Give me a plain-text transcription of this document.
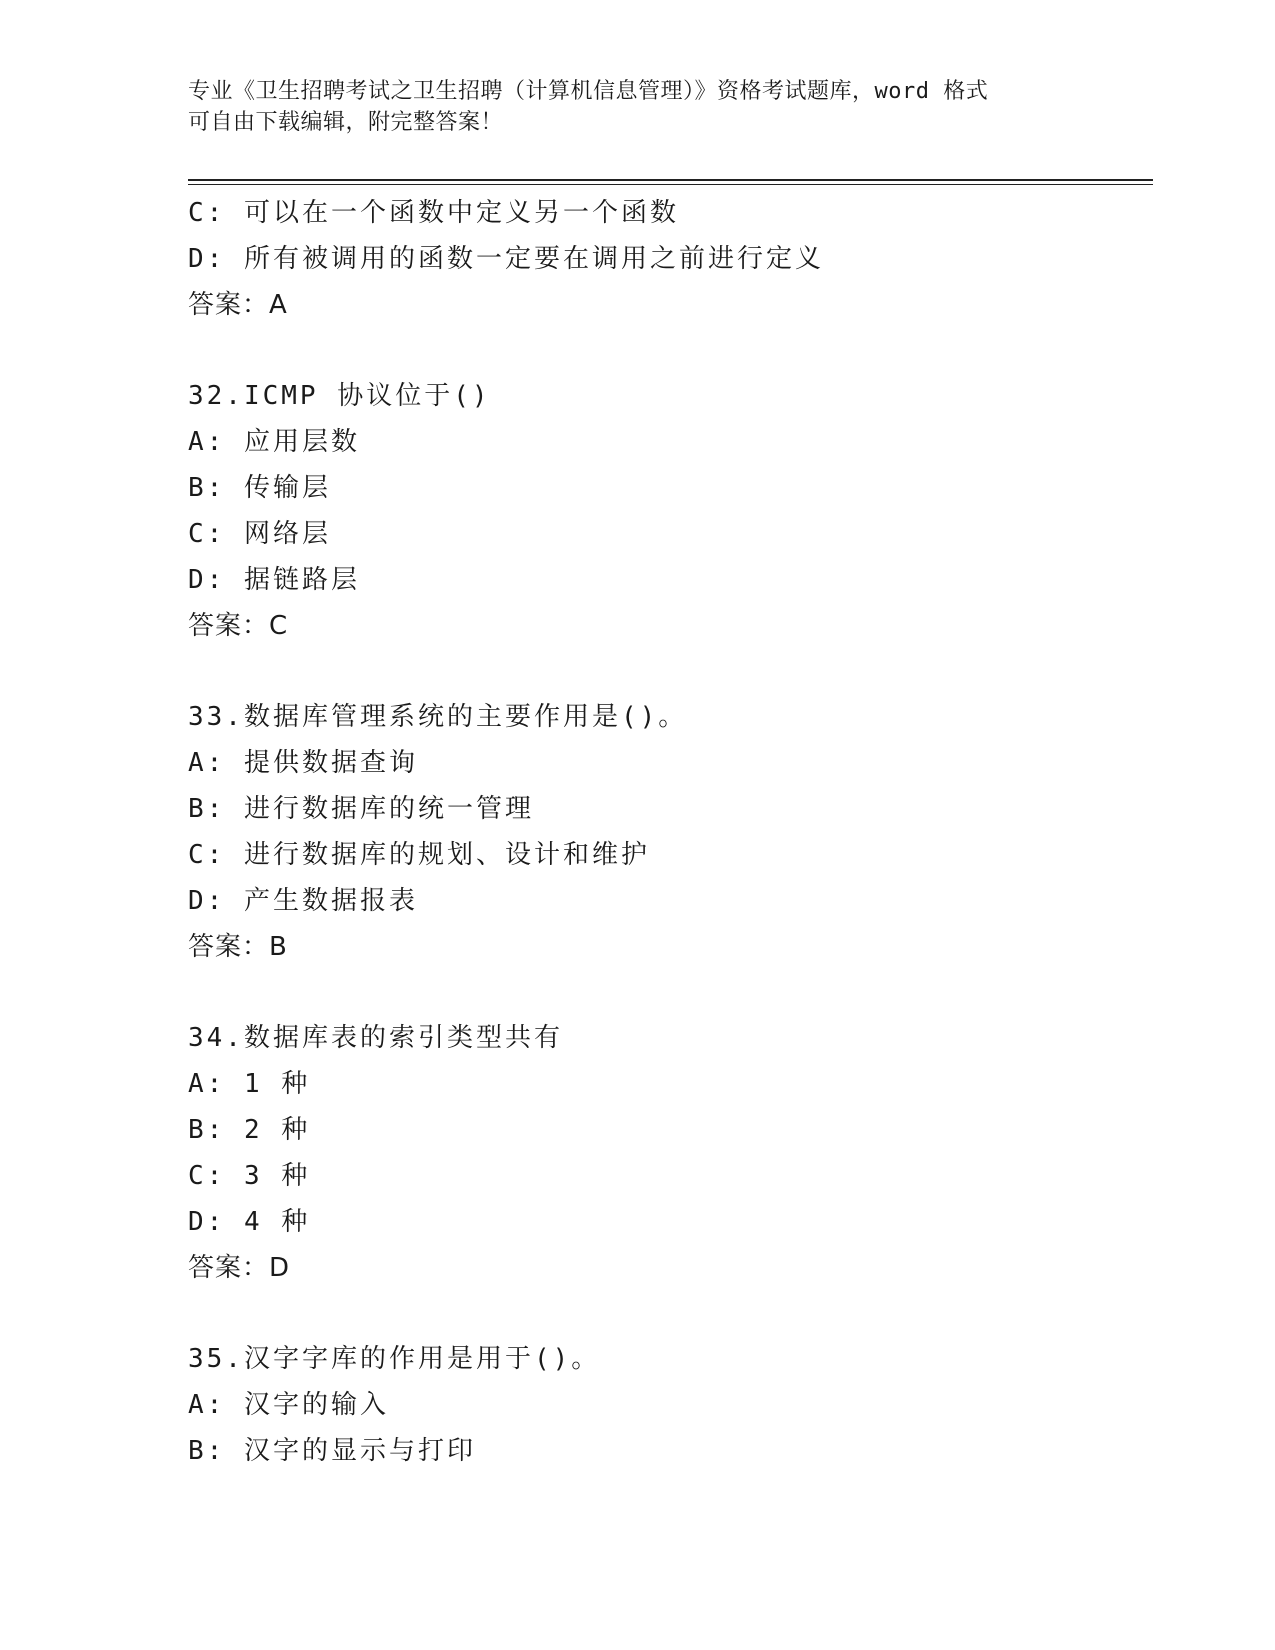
专业《卫生招聘考试之卫生招聘（计算机信息管理）》资格考试题库，word 格式

可自由下载编辑，附完整答案！

C: 可以在一个函数中定义另一个函数
D: 所有被调用的函数一定要在调用之前进行定义
答案：A
32.ICMP 协议位于()
A: 应用层数
B: 传输层
C: 网络层
D: 据链路层
答案：C
33.数据库管理系统的主要作用是()。
A: 提供数据查询
B: 进行数据库的统一管理
C: 进行数据库的规划、设计和维护
D: 产生数据报表
答案：B
34.数据库表的索引类型共有
A: 1 种
B: 2 种
C: 3 种
D: 4 种
答案：D
35.汉字字库的作用是用于()。
A: 汉字的输入
B: 汉字的显示与打印
